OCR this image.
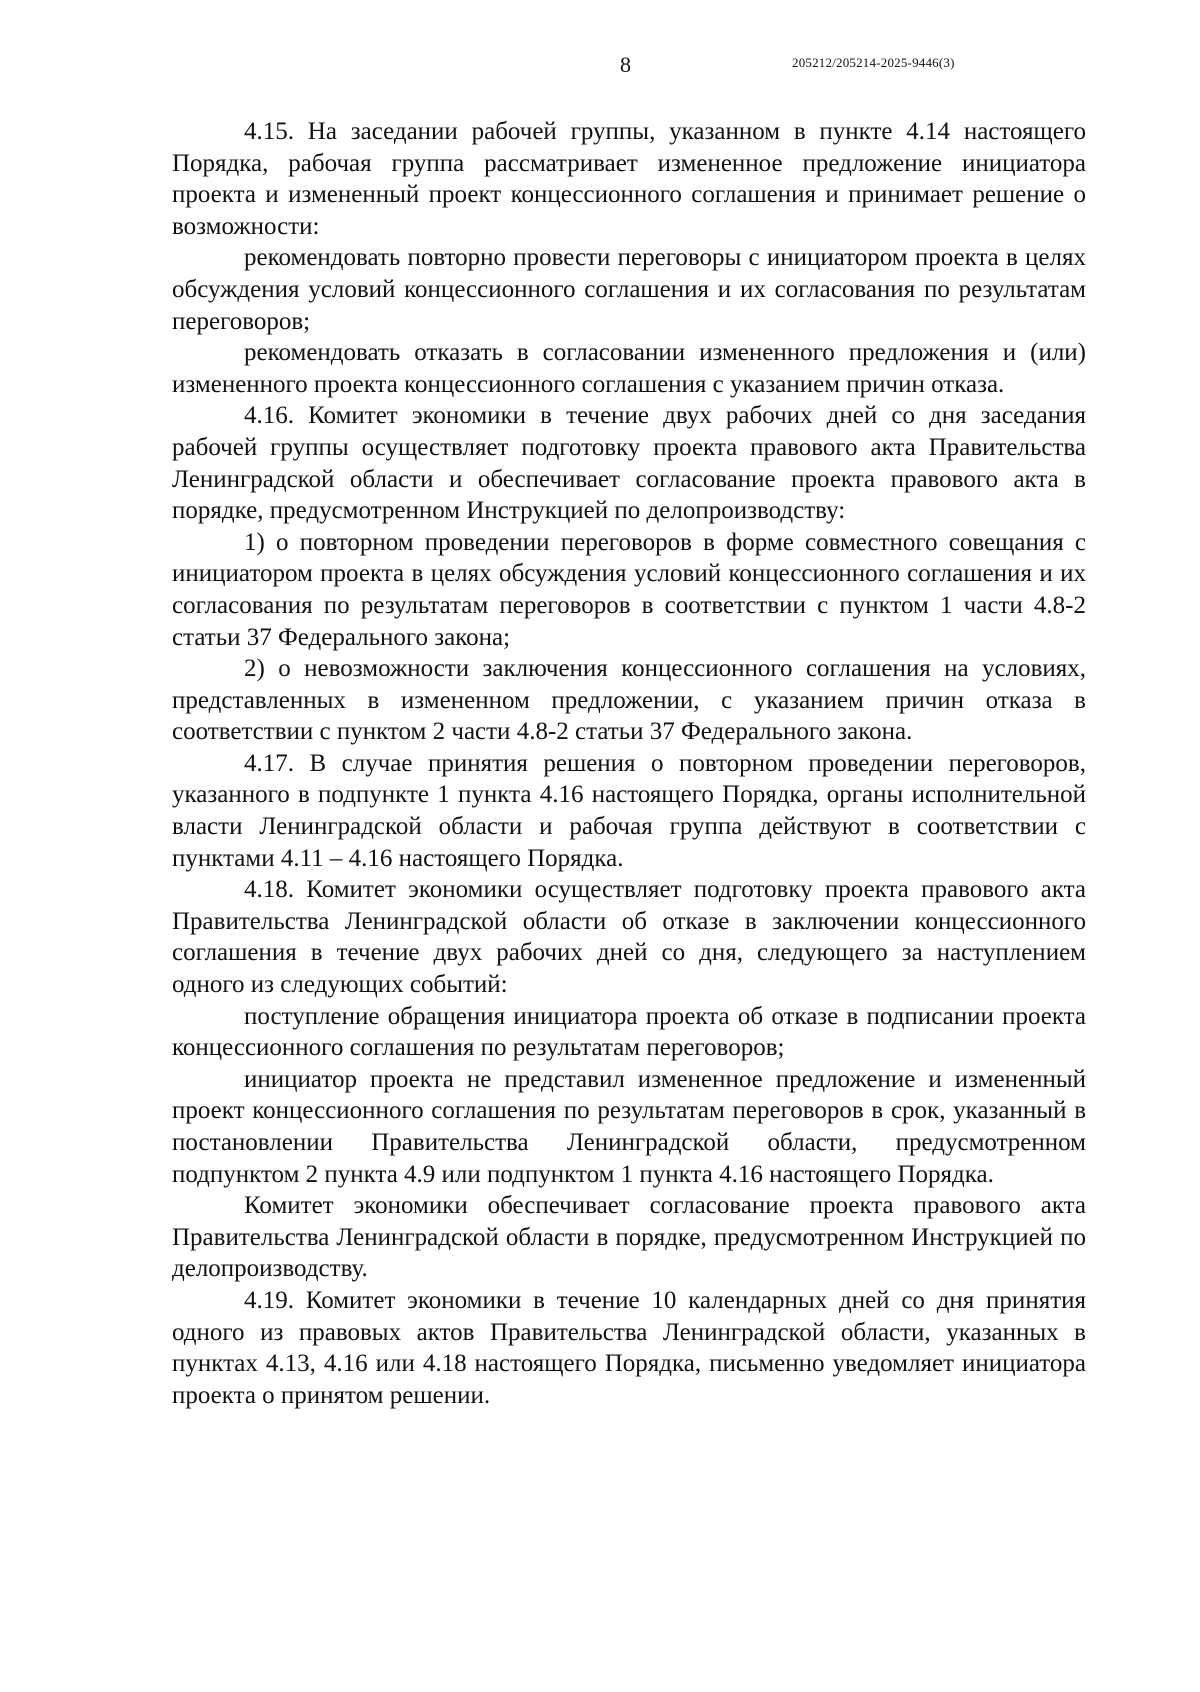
8	205212/205214-2025-9446(3)

4.15. На заседании рабочей группы, указанном в пункте 4.14 настоящего Порядка, рабочая группа рассматривает измененное предложение инициатора проекта и измененный проект концессионного соглашения и принимает решение о возможности:

рекомендовать повторно провести переговоры с инициатором проекта в целях обсуждения условий концессионного соглашения и их согласования по результатам переговоров;

рекомендовать отказать в согласовании измененного предложения и (или) измененного проекта концессионного соглашения с указанием причин отказа.

4.16. Комитет экономики в течение двух рабочих дней со дня заседания рабочей группы осуществляет подготовку проекта правового акта Правительства Ленинградской области и обеспечивает согласование проекта правового акта в порядке, предусмотренном Инструкцией по делопроизводству:

1) о повторном проведении переговоров в форме совместного совещания с инициатором проекта в целях обсуждения условий концессионного соглашения и их согласования по результатам переговоров в соответствии с пунктом 1 части 4.8-2 статьи 37 Федерального закона;

2) о невозможности заключения концессионного соглашения на условиях, представленных в измененном предложении, с указанием причин отказа в соответствии с пунктом 2 части 4.8-2 статьи 37 Федерального закона.

4.17. В случае принятия решения о повторном проведении переговоров, указанного в подпункте 1 пункта 4.16 настоящего Порядка, органы исполнительной власти Ленинградской области и рабочая группа действуют в соответствии с пунктами 4.11 – 4.16 настоящего Порядка.

4.18. Комитет экономики осуществляет подготовку проекта правового акта Правительства Ленинградской области об отказе в заключении концессионного соглашения в течение двух рабочих дней со дня, следующего за наступлением одного из следующих событий:

поступление обращения инициатора проекта об отказе в подписании проекта концессионного соглашения по результатам переговоров;

инициатор проекта не представил измененное предложение и измененный проект концессионного соглашения по результатам переговоров в срок, указанный в постановлении Правительства Ленинградской области, предусмотренном подпунктом 2 пункта 4.9 или подпунктом 1 пункта 4.16 настоящего Порядка.

Комитет экономики обеспечивает согласование проекта правового акта Правительства Ленинградской области в порядке, предусмотренном Инструкцией по делопроизводству.

4.19. Комитет экономики в течение 10 календарных дней со дня принятия одного из правовых актов Правительства Ленинградской области, указанных в пунктах 4.13, 4.16 или 4.18 настоящего Порядка, письменно уведомляет инициатора проекта о принятом решении.
